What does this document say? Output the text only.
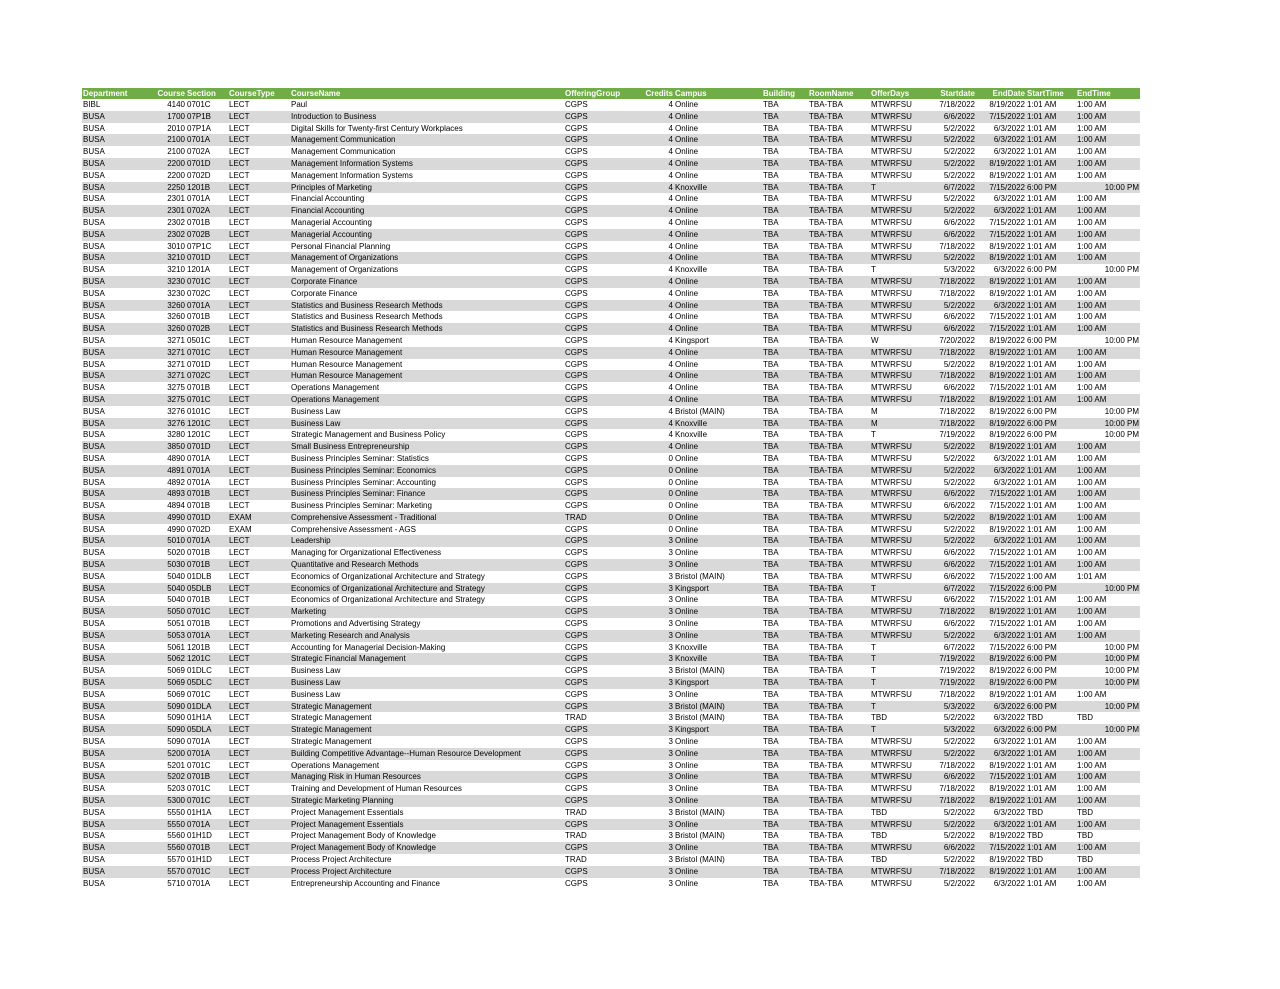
Department	Course	Section	CourseType	CourseName	OfferingGroup	Credits	Campus	Building	RoomName	OfferDays	Startdate	EndDate	StartTime	EndTime
BIBL	4140	0701C	LECT	Paul	CGPS	4	Online	TBA	TBA-TBA	MTWRFSU	7/18/2022	8/19/2022	1:01 AM	1:00 AM
BUSA	1700	07P1B	LECT	Introduction to Business	CGPS	4	Online	TBA	TBA-TBA	MTWRFSU	6/6/2022	7/15/2022	1:01 AM	1:00 AM
BUSA	2010	07P1A	LECT	Digital Skills for Twenty-first Century Workplaces	CGPS	4	Online	TBA	TBA-TBA	MTWRFSU	5/2/2022	6/3/2022	1:01 AM	1:00 AM
BUSA	2100	0701A	LECT	Management Communication	CGPS	4	Online	TBA	TBA-TBA	MTWRFSU	5/2/2022	6/3/2022	1:01 AM	1:00 AM
BUSA	2100	0702A	LECT	Management Communication	CGPS	4	Online	TBA	TBA-TBA	MTWRFSU	5/2/2022	6/3/2022	1:01 AM	1:00 AM
BUSA	2200	0701D	LECT	Management Information Systems	CGPS	4	Online	TBA	TBA-TBA	MTWRFSU	5/2/2022	8/19/2022	1:01 AM	1:00 AM
BUSA	2200	0702D	LECT	Management Information Systems	CGPS	4	Online	TBA	TBA-TBA	MTWRFSU	5/2/2022	8/19/2022	1:01 AM	1:00 AM
BUSA	2250	1201B	LECT	Principles of Marketing	CGPS	4	Knoxville	TBA	TBA-TBA	T	6/7/2022	7/15/2022	6:00 PM	10:00 PM
BUSA	2301	0701A	LECT	Financial Accounting	CGPS	4	Online	TBA	TBA-TBA	MTWRFSU	5/2/2022	6/3/2022	1:01 AM	1:00 AM
BUSA	2301	0702A	LECT	Financial Accounting	CGPS	4	Online	TBA	TBA-TBA	MTWRFSU	5/2/2022	6/3/2022	1:01 AM	1:00 AM
BUSA	2302	0701B	LECT	Managerial Accounting	CGPS	4	Online	TBA	TBA-TBA	MTWRFSU	6/6/2022	7/15/2022	1:01 AM	1:00 AM
BUSA	2302	0702B	LECT	Managerial Accounting	CGPS	4	Online	TBA	TBA-TBA	MTWRFSU	6/6/2022	7/15/2022	1:01 AM	1:00 AM
BUSA	3010	07P1C	LECT	Personal Financial Planning	CGPS	4	Online	TBA	TBA-TBA	MTWRFSU	7/18/2022	8/19/2022	1:01 AM	1:00 AM
BUSA	3210	0701D	LECT	Management of Organizations	CGPS	4	Online	TBA	TBA-TBA	MTWRFSU	5/2/2022	8/19/2022	1:01 AM	1:00 AM
BUSA	3210	1201A	LECT	Management of Organizations	CGPS	4	Knoxville	TBA	TBA-TBA	T	5/3/2022	6/3/2022	6:00 PM	10:00 PM
BUSA	3230	0701C	LECT	Corporate Finance	CGPS	4	Online	TBA	TBA-TBA	MTWRFSU	7/18/2022	8/19/2022	1:01 AM	1:00 AM
BUSA	3230	0702C	LECT	Corporate Finance	CGPS	4	Online	TBA	TBA-TBA	MTWRFSU	7/18/2022	8/19/2022	1:01 AM	1:00 AM
BUSA	3260	0701A	LECT	Statistics and Business Research Methods	CGPS	4	Online	TBA	TBA-TBA	MTWRFSU	5/2/2022	6/3/2022	1:01 AM	1:00 AM
BUSA	3260	0701B	LECT	Statistics and Business Research Methods	CGPS	4	Online	TBA	TBA-TBA	MTWRFSU	6/6/2022	7/15/2022	1:01 AM	1:00 AM
BUSA	3260	0702B	LECT	Statistics and Business Research Methods	CGPS	4	Online	TBA	TBA-TBA	MTWRFSU	6/6/2022	7/15/2022	1:01 AM	1:00 AM
BUSA	3271	0501C	LECT	Human Resource Management	CGPS	4	Kingsport	TBA	TBA-TBA	W	7/20/2022	8/19/2022	6:00 PM	10:00 PM
BUSA	3271	0701C	LECT	Human Resource Management	CGPS	4	Online	TBA	TBA-TBA	MTWRFSU	7/18/2022	8/19/2022	1:01 AM	1:00 AM
BUSA	3271	0701D	LECT	Human Resource Management	CGPS	4	Online	TBA	TBA-TBA	MTWRFSU	5/2/2022	8/19/2022	1:01 AM	1:00 AM
BUSA	3271	0702C	LECT	Human Resource Management	CGPS	4	Online	TBA	TBA-TBA	MTWRFSU	7/18/2022	8/19/2022	1:01 AM	1:00 AM
BUSA	3275	0701B	LECT	Operations Management	CGPS	4	Online	TBA	TBA-TBA	MTWRFSU	6/6/2022	7/15/2022	1:01 AM	1:00 AM
BUSA	3275	0701C	LECT	Operations Management	CGPS	4	Online	TBA	TBA-TBA	MTWRFSU	7/18/2022	8/19/2022	1:01 AM	1:00 AM
BUSA	3276	0101C	LECT	Business Law	CGPS	4	Bristol (MAIN)	TBA	TBA-TBA	M	7/18/2022	8/19/2022	6:00 PM	10:00 PM
BUSA	3276	1201C	LECT	Business Law	CGPS	4	Knoxville	TBA	TBA-TBA	M	7/18/2022	8/19/2022	6:00 PM	10:00 PM
BUSA	3280	1201C	LECT	Strategic Management and Business Policy	CGPS	4	Knoxville	TBA	TBA-TBA	T	7/19/2022	8/19/2022	6:00 PM	10:00 PM
BUSA	3850	0701D	LECT	Small Business Entrepreneurship	CGPS	4	Online	TBA	TBA-TBA	MTWRFSU	5/2/2022	8/19/2022	1:01 AM	1:00 AM
BUSA	4890	0701A	LECT	Business Principles Seminar: Statistics	CGPS	0	Online	TBA	TBA-TBA	MTWRFSU	5/2/2022	6/3/2022	1:01 AM	1:00 AM
BUSA	4891	0701A	LECT	Business Principles Seminar: Economics	CGPS	0	Online	TBA	TBA-TBA	MTWRFSU	5/2/2022	6/3/2022	1:01 AM	1:00 AM
BUSA	4892	0701A	LECT	Business Principles Seminar: Accounting	CGPS	0	Online	TBA	TBA-TBA	MTWRFSU	5/2/2022	6/3/2022	1:01 AM	1:00 AM
BUSA	4893	0701B	LECT	Business Principles Seminar: Finance	CGPS	0	Online	TBA	TBA-TBA	MTWRFSU	6/6/2022	7/15/2022	1:01 AM	1:00 AM
BUSA	4894	0701B	LECT	Business Principles Seminar: Marketing	CGPS	0	Online	TBA	TBA-TBA	MTWRFSU	6/6/2022	7/15/2022	1:01 AM	1:00 AM
BUSA	4990	0701D	EXAM	Comprehensive Assessment - Traditional	TRAD	0	Online	TBA	TBA-TBA	MTWRFSU	5/2/2022	8/19/2022	1:01 AM	1:00 AM
BUSA	4990	0702D	EXAM	Comprehensive Assessment - AGS	CGPS	0	Online	TBA	TBA-TBA	MTWRFSU	5/2/2022	8/19/2022	1:01 AM	1:00 AM
BUSA	5010	0701A	LECT	Leadership	CGPS	3	Online	TBA	TBA-TBA	MTWRFSU	5/2/2022	6/3/2022	1:01 AM	1:00 AM
BUSA	5020	0701B	LECT	Managing for Organizational Effectiveness	CGPS	3	Online	TBA	TBA-TBA	MTWRFSU	6/6/2022	7/15/2022	1:01 AM	1:00 AM
BUSA	5030	0701B	LECT	Quantitative and Research Methods	CGPS	3	Online	TBA	TBA-TBA	MTWRFSU	6/6/2022	7/15/2022	1:01 AM	1:00 AM
BUSA	5040	01DLB	LECT	Economics of Organizational Architecture and Strategy	CGPS	3	Bristol (MAIN)	TBA	TBA-TBA	MTWRFSU	6/6/2022	7/15/2022	1:00 AM	1:01 AM
BUSA	5040	05DLB	LECT	Economics of Organizational Architecture and Strategy	CGPS	3	Kingsport	TBA	TBA-TBA	T	6/7/2022	7/15/2022	6:00 PM	10:00 PM
BUSA	5040	0701B	LECT	Economics of Organizational Architecture and Strategy	CGPS	3	Online	TBA	TBA-TBA	MTWRFSU	6/6/2022	7/15/2022	1:01 AM	1:00 AM
BUSA	5050	0701C	LECT	Marketing	CGPS	3	Online	TBA	TBA-TBA	MTWRFSU	7/18/2022	8/19/2022	1:01 AM	1:00 AM
BUSA	5051	0701B	LECT	Promotions and Advertising Strategy	CGPS	3	Online	TBA	TBA-TBA	MTWRFSU	6/6/2022	7/15/2022	1:01 AM	1:00 AM
BUSA	5053	0701A	LECT	Marketing Research and Analysis	CGPS	3	Online	TBA	TBA-TBA	MTWRFSU	5/2/2022	6/3/2022	1:01 AM	1:00 AM
BUSA	5061	1201B	LECT	Accounting for Managerial Decision-Making	CGPS	3	Knoxville	TBA	TBA-TBA	T	6/7/2022	7/15/2022	6:00 PM	10:00 PM
BUSA	5062	1201C	LECT	Strategic Financial Management	CGPS	3	Knoxville	TBA	TBA-TBA	T	7/19/2022	8/19/2022	6:00 PM	10:00 PM
BUSA	5069	01DLC	LECT	Business Law	CGPS	3	Bristol (MAIN)	TBA	TBA-TBA	T	7/19/2022	8/19/2022	6:00 PM	10:00 PM
BUSA	5069	05DLC	LECT	Business Law	CGPS	3	Kingsport	TBA	TBA-TBA	T	7/19/2022	8/19/2022	6:00 PM	10:00 PM
BUSA	5069	0701C	LECT	Business Law	CGPS	3	Online	TBA	TBA-TBA	MTWRFSU	7/18/2022	8/19/2022	1:01 AM	1:00 AM
BUSA	5090	01DLA	LECT	Strategic Management	CGPS	3	Bristol (MAIN)	TBA	TBA-TBA	T	5/3/2022	6/3/2022	6:00 PM	10:00 PM
BUSA	5090	01H1A	LECT	Strategic Management	TRAD	3	Bristol (MAIN)	TBA	TBA-TBA	TBD	5/2/2022	6/3/2022	TBD	TBD
BUSA	5090	05DLA	LECT	Strategic Management	CGPS	3	Kingsport	TBA	TBA-TBA	T	5/3/2022	6/3/2022	6:00 PM	10:00 PM
BUSA	5090	0701A	LECT	Strategic Management	CGPS	3	Online	TBA	TBA-TBA	MTWRFSU	5/2/2022	6/3/2022	1:01 AM	1:00 AM
BUSA	5200	0701A	LECT	Building Competitive Advantage--Human Resource Development	CGPS	3	Online	TBA	TBA-TBA	MTWRFSU	5/2/2022	6/3/2022	1:01 AM	1:00 AM
BUSA	5201	0701C	LECT	Operations Management	CGPS	3	Online	TBA	TBA-TBA	MTWRFSU	7/18/2022	8/19/2022	1:01 AM	1:00 AM
BUSA	5202	0701B	LECT	Managing Risk in Human Resources	CGPS	3	Online	TBA	TBA-TBA	MTWRFSU	6/6/2022	7/15/2022	1:01 AM	1:00 AM
BUSA	5203	0701C	LECT	Training and Development of Human Resources	CGPS	3	Online	TBA	TBA-TBA	MTWRFSU	7/18/2022	8/19/2022	1:01 AM	1:00 AM
BUSA	5300	0701C	LECT	Strategic Marketing Planning	CGPS	3	Online	TBA	TBA-TBA	MTWRFSU	7/18/2022	8/19/2022	1:01 AM	1:00 AM
BUSA	5550	01H1A	LECT	Project Management Essentials	TRAD	3	Bristol (MAIN)	TBA	TBA-TBA	TBD	5/2/2022	6/3/2022	TBD	TBD
BUSA	5550	0701A	LECT	Project Management Essentials	CGPS	3	Online	TBA	TBA-TBA	MTWRFSU	5/2/2022	6/3/2022	1:01 AM	1:00 AM
BUSA	5560	01H1D	LECT	Project Management Body of Knowledge	TRAD	3	Bristol (MAIN)	TBA	TBA-TBA	TBD	5/2/2022	8/19/2022	TBD	TBD
BUSA	5560	0701B	LECT	Project Management Body of Knowledge	CGPS	3	Online	TBA	TBA-TBA	MTWRFSU	6/6/2022	7/15/2022	1:01 AM	1:00 AM
BUSA	5570	01H1D	LECT	Process Project Architecture	TRAD	3	Bristol (MAIN)	TBA	TBA-TBA	TBD	5/2/2022	8/19/2022	TBD	TBD
BUSA	5570	0701C	LECT	Process Project Architecture	CGPS	3	Online	TBA	TBA-TBA	MTWRFSU	7/18/2022	8/19/2022	1:01 AM	1:00 AM
BUSA	5710	0701A	LECT	Entrepreneurship Accounting and Finance	CGPS	3	Online	TBA	TBA-TBA	MTWRFSU	5/2/2022	6/3/2022	1:01 AM	1:00 AM
